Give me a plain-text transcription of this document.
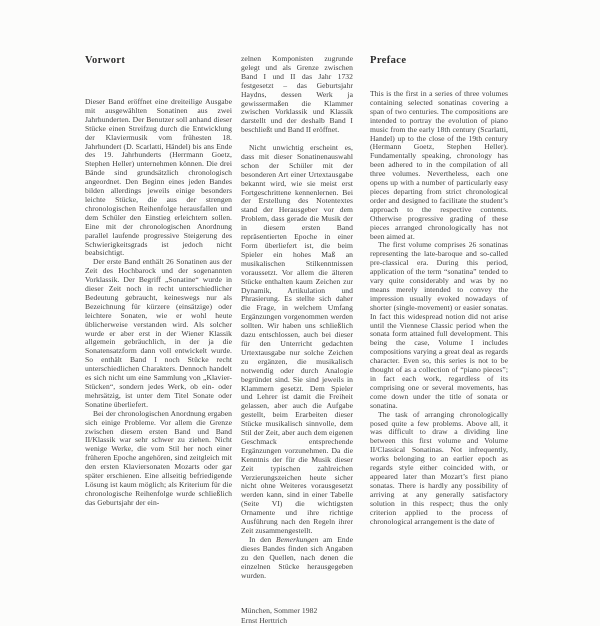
Vorwort

Dieser Band eröffnet eine dreiteilige Ausgabe mit ausgewählten Sonatinen aus zwei Jahrhunderten. Der Benutzer soll anhand dieser Stücke einen Streifzug durch die Entwicklung der Klaviermusik vom frühesten 18. Jahrhundert (D. Scarlatti, Händel) bis ans Ende des 19. Jahrhunderts (Herrmann Goetz, Stephen Heller) unternehmen können. Die drei Bände sind grundsätzlich chronologisch angeordnet. Den Beginn eines jeden Bandes bilden allerdings jeweils einige besonders leichte Stücke, die aus der strengen chronologischen Reihenfolge herausfallen und dem Schüler den Einstieg erleichtern sollen. Eine mit der chronologischen Anordnung parallel laufende progressive Steigerung des Schwierigkeitsgrads ist jedoch nicht beabsichtigt.

Der erste Band enthält 26 Sonatinen aus der Zeit des Hochbarock und der sogenannten Vorklassik. Der Begriff „Sonatine“ wurde in dieser Zeit noch in recht unterschiedlicher Bedeutung gebraucht, keineswegs nur als Bezeichnung für kürzere (einsätzige) oder leichtere Sonaten, wie er wohl heute üblicherweise verstanden wird. Als solcher wurde er aber erst in der Wiener Klassik allgemein gebräuchlich, in der ja die Sonatensatzform dann voll entwickelt wurde. So enthält Band I noch Stücke recht unterschiedlichen Charakters. Dennoch handelt es sich nicht um eine Sammlung von „Klavier-Stücken“, sondern jedes Werk, ob ein- oder mehrsätzig, ist unter dem Titel Sonate oder Sonatine überliefert.

Bei der chronologischen Anordnung ergaben sich einige Probleme. Vor allem die Grenze zwischen diesem ersten Band und Band II/Klassik war sehr schwer zu ziehen. Nicht wenige Werke, die vom Stil her noch einer früheren Epoche angehören, sind zeitgleich mit den ersten Klaviersonaten Mozarts oder gar später erschienen. Eine allseitig befriedigende Lösung ist kaum möglich; als Kriterium für die chronologische Reihenfolge wurde schließlich das Geburtsjahr der ein-

zelnen Komponisten zugrunde gelegt und als Grenze zwischen Band I und II das Jahr 1732 festgesetzt – das Geburtsjahr Haydns, dessen Werk ja gewissermaßen die Klammer zwischen Vorklassik und Klassik darstellt und der deshalb Band I beschließt und Band II eröffnet.

Nicht unwichtig erscheint es, dass mit dieser Sonatinenauswahl schon der Schüler mit der besonderen Art einer Urtextausgabe bekannt wird, wie sie meist erst Fortgeschrittene kennenlernen. Bei der Erstellung des Notentextes stand der Herausgeber vor dem Problem, dass gerade die Musik der in diesem ersten Band repräsentierten Epoche in einer Form überliefert ist, die beim Spieler ein hohes Maß an musikalischen Stilkenntnissen voraussetzt. Vor allem die älteren Stücke enthalten kaum Zeichen zur Dynamik, Artikulation und Phrasierung. Es stellte sich daher die Frage, in welchem Umfang Ergänzungen vorgenommen werden sollten. Wir haben uns schließlich dazu entschlossen, auch bei dieser für den Unterricht gedachten Urtextausgabe nur solche Zeichen zu ergänzen, die musikalisch notwendig oder durch Analogie begründet sind. Sie sind jeweils in Klammern gesetzt. Dem Spieler und Lehrer ist damit die Freiheit gelassen, aber auch die Aufgabe gestellt, beim Erarbeiten dieser Stücke musikalisch sinnvolle, dem Stil der Zeit, aber auch dem eigenen Geschmack entsprechende Ergänzungen vorzunehmen. Da die Kenntnis der für die Musik dieser Zeit typischen zahlreichen Verzierungszeichen heute sicher nicht ohne Weiteres vorausgesetzt werden kann, sind in einer Tabelle (Seite VI) die wichtigsten Ornamente und ihre richtige Ausführung nach den Regeln ihrer Zeit zusammengestellt.

In den Bemerkungen am Ende dieses Bandes finden sich Angaben zu den Quellen, nach denen die einzelnen Stücke herausgegeben wurden.

München, Sommer 1982
Ernst Herttrich
Preface

This is the first in a series of three volumes containing selected sonatinas covering a span of two centuries. The compositions are intended to portray the evolution of piano music from the early 18th century (Scarlatti, Handel) up to the close of the 19th century (Hermann Goetz, Stephen Heller). Fundamentally speaking, chronology has been adhered to in the compilation of all three volumes. Nevertheless, each one opens up with a number of particularly easy pieces departing from strict chronological order and designed to facilitate the student’s approach to the respective contents. Otherwise progressive grading of these pieces arranged chronologically has not been aimed at.

The first volume comprises 26 sonatinas representing the late-baroque and so-called pre-classical era. During this period, application of the term “sonatina” tended to vary quite considerably and was by no means merely intended to convey the impression usually evoked nowadays of shorter (single-movement) or easier sonatas. In fact this widespread notion did not arise until the Viennese Classic period when the sonata form attained full development. This being the case, Volume I includes compositions varying a great deal as regards character. Even so, this series is not to be thought of as a collection of “piano pieces”; in fact each work, regardless of its comprising one or several movements, has come down under the title of sonata or sonatina.

The task of arranging chronologically posed quite a few problems. Above all, it was difficult to draw a dividing line between this first volume and Volume II/Classical Sonatinas. Not infrequently, works belonging to an earlier epoch as regards style either coincided with, or appeared later than Mozart’s first piano sonatas. There is hardly any possibility of arriving at any generally satisfactory solution in this respect; thus the only criterion applied to the process of chronological arrangement is the date of
